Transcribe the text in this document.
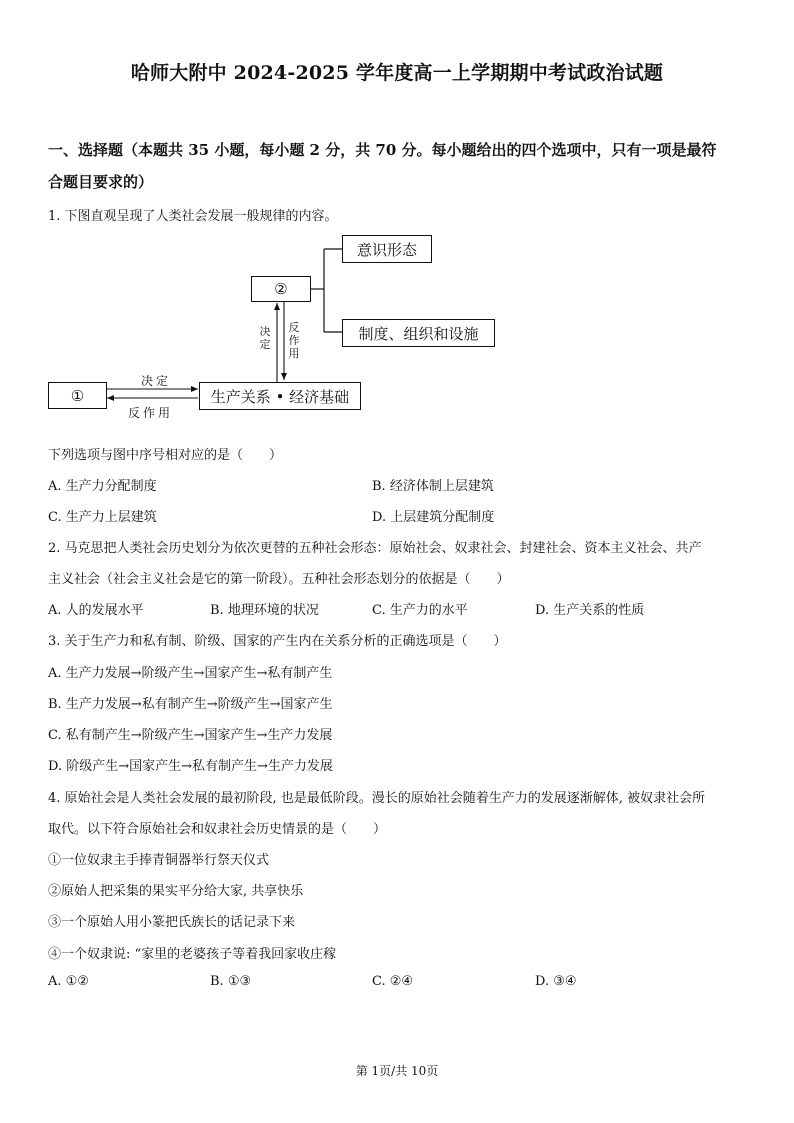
哈师大附中 2024-2025 学年度高一上学期期中考试政治试题
一、选择题（本题共 35 小题，每小题 2 分，共 70 分。每小题给出的四个选项中，只有一项是最符
合题目要求的）
1. 下图直观呈现了人类社会发展一般规律的内容。
意识形态
②
制度、组织和设施
①	生产关系 • 经济基础
决定
反作用
决定
反作用
下列选项与图中序号相对应的是（　　）
A. 生产力分配制度	B. 经济体制上层建筑
C. 生产力上层建筑	D. 上层建筑分配制度
2. 马克思把人类社会历史划分为依次更替的五种社会形态：原始社会、奴隶社会、封建社会、资本主义社会、共产
主义社会（社会主义社会是它的第一阶段）。五种社会形态划分的依据是（　　）
A. 人的发展水平	B. 地理环境的状况	C. 生产力的水平	D. 生产关系的性质
3. 关于生产力和私有制、阶级、国家的产生内在关系分析的正确选项是（　　）
A. 生产力发展→阶级产生→国家产生→私有制产生
B. 生产力发展→私有制产生→阶级产生→国家产生
C. 私有制产生→阶级产生→国家产生→生产力发展
D. 阶级产生→国家产生→私有制产生→生产力发展
4. 原始社会是人类社会发展的最初阶段, 也是最低阶段。漫长的原始社会随着生产力的发展逐渐解体, 被奴隶社会所
取代。以下符合原始社会和奴隶社会历史情景的是（　　）
①一位奴隶主手捧青铜器举行祭天仪式
②原始人把采集的果实平分给大家, 共享快乐
③一个原始人用小篆把氏族长的话记录下来
④一个奴隶说: “家里的老婆孩子等着我回家收庄稼
A. ①②	B. ①③	C. ②④	D. ③④
第 1页/共 10页
